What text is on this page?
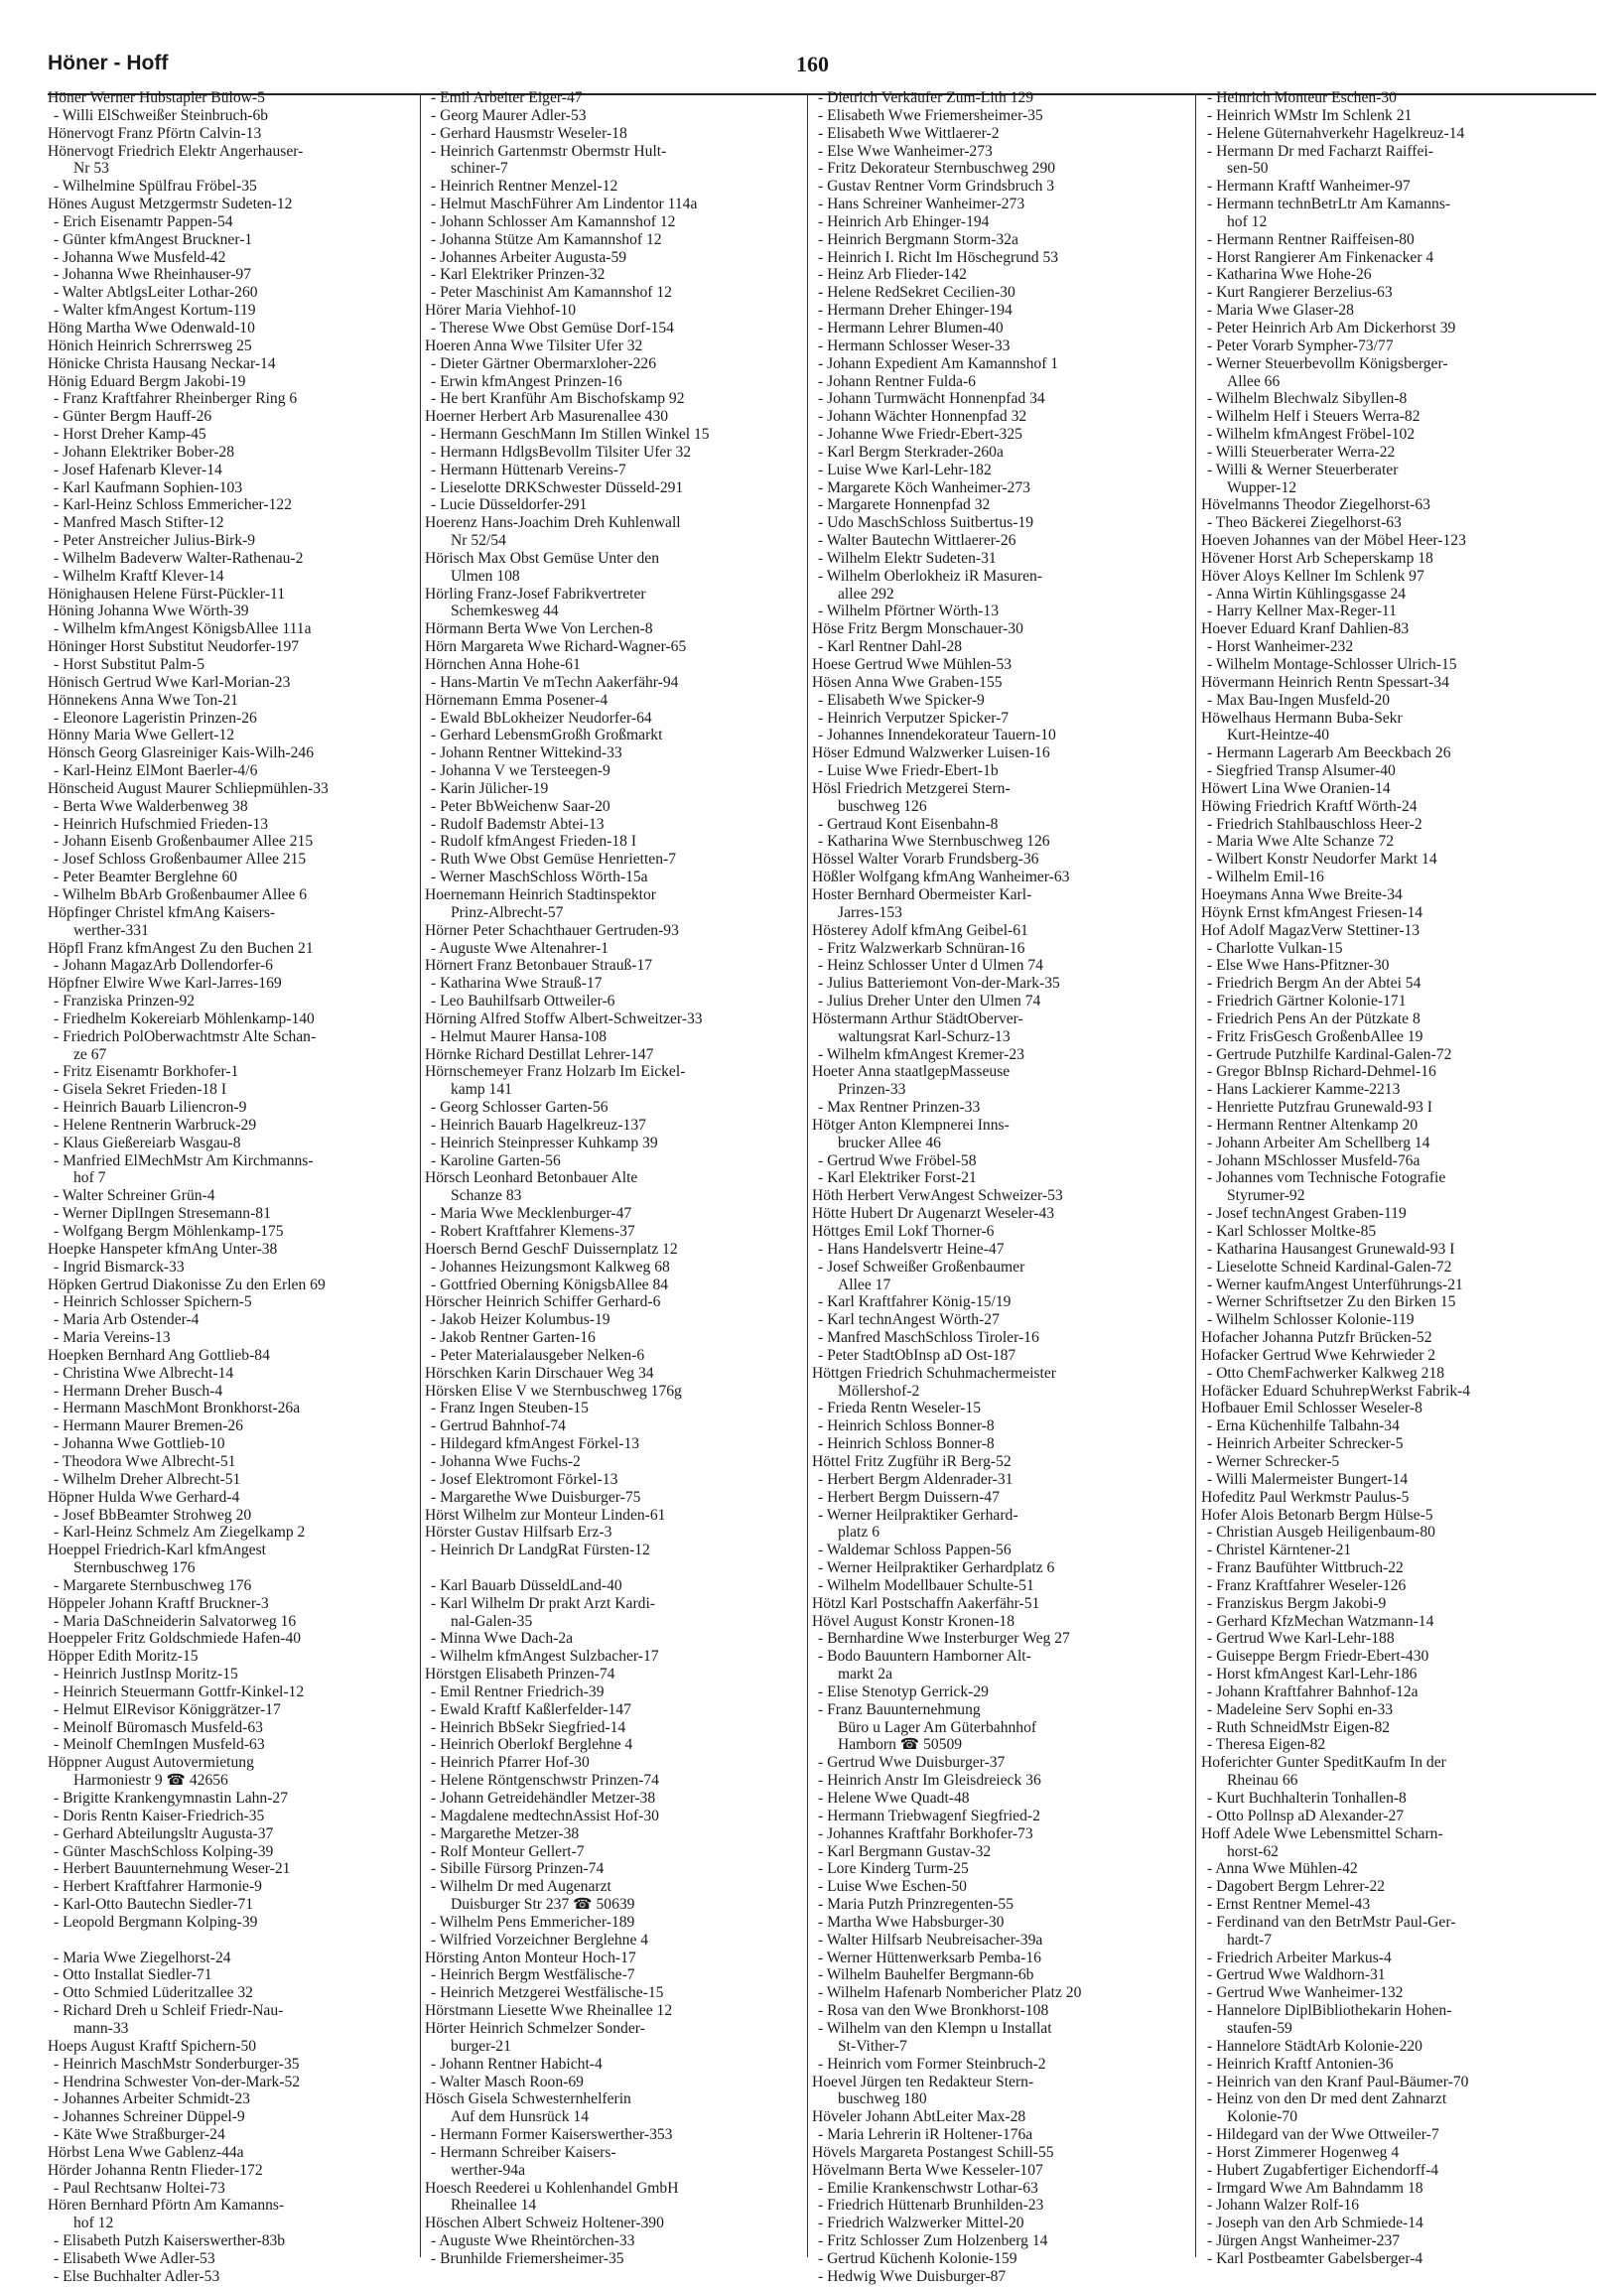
Höner - Hoff	160
Höner Werner Hubstapler Bülow-5
- Willi ElSchweißer Steinbruch-6b
Hönervogt Franz Pförtn Calvin-13
Hönervogt Friedrich Elektr Angerhauser-
Nr 53
- Wilhelmine Spülfrau Fröbel-35
Hönes August Metzgermstr Sudeten-12
- Erich Eisenamtr Pappen-54
- Günter kfmAngest Bruckner-1
- Johanna Wwe Musfeld-42
- Johanna Wwe Rheinhauser-97
- Walter AbtlgsLeiter Lothar-260
- Walter kfmAngest Kortum-119
Höng Martha Wwe Odenwald-10
Hönich Heinrich Schrerrsweg 25
Hönicke Christa Hausang Neckar-14
Hönig Eduard Bergm Jakobi-19
- Franz Kraftfahrer Rheinberger Ring 6
- Günter Bergm Hauff-26
- Horst Dreher Kamp-45
- Johann Elektriker Bober-28
- Josef Hafenarb Klever-14
- Karl Kaufmann Sophien-103
- Karl-Heinz Schloss Emmericher-122
- Manfred Masch Stifter-12
- Peter Anstreicher Julius-Birk-9
- Wilhelm Badeverw Walter-Rathenau-2
- Wilhelm Kraftf Klever-14
Hönighausen Helene Fürst-Pückler-11
Höning Johanna Wwe Wörth-39
- Wilhelm kfmAngest KönigsbAllee 111a
Höninger Horst Substitut Neudorfer-197
- Horst Substitut Palm-5
Hönisch Gertrud Wwe Karl-Morian-23
Hönnekens Anna Wwe Ton-21
- Eleonore Lageristin Prinzen-26
Hönny Maria Wwe Gellert-12
Hönsch Georg Glasreiniger Kais-Wilh-246
- Karl-Heinz ElMont Baerler-4/6
Hönscheid August Maurer Schliepmühlen-33
- Berta Wwe Walderbenweg 38
- Heinrich Hufschmied Frieden-13
- Johann Eisenb Großenbaumer Allee 215
- Josef Schloss Großenbaumer Allee 215
- Peter Beamter Berglehne 60
- Wilhelm BbArb Großenbaumer Allee 6
Höpfinger Christel kfmAng Kaisers-
werther-331
Höpfl Franz kfmAngest Zu den Buchen 21
- Johann MagazArb Dollendorfer-6
Höpfner Elwire Wwe Karl-Jarres-169
- Franziska Prinzen-92
- Friedhelm Kokereiarb Möhlenkamp-140
- Friedrich PolOberwachtmstr Alte Schan-
ze 67
- Fritz Eisenamtr Borkhofer-1
- Gisela Sekret Frieden-18 I
- Heinrich Bauarb Liliencron-9
- Helene Rentnerin Warbruck-29
- Klaus Gießereiarb Wasgau-8
- Manfried ElMechMstr Am Kirchmanns-
hof 7
- Walter Schreiner Grün-4
- Werner DiplIngen Stresemann-81
- Wolfgang Bergm Möhlenkamp-175
Hoepke Hanspeter kfmAng Unter-38
- Ingrid Bismarck-33
Höpken Gertrud Diakonisse Zu den Erlen 69
- Heinrich Schlosser Spichern-5
- Maria Arb Ostender-4
- Maria Vereins-13
Hoepken Bernhard Ang Gottlieb-84
- Christina Wwe Albrecht-14
- Hermann Dreher Busch-4
- Hermann MaschMont Bronkhorst-26a
- Hermann Maurer Bremen-26
- Johanna Wwe Gottlieb-10
- Theodora Wwe Albrecht-51
- Wilhelm Dreher Albrecht-51
Höpner Hulda Wwe Gerhard-4
- Josef BbBeamter Strohweg 20
- Karl-Heinz Schmelz Am Ziegelkamp 2
Hoeppel Friedrich-Karl kfmAngest
Sternbuschweg 176
- Margarete Sternbuschweg 176
Höppeler Johann Kraftf Bruckner-3
- Maria DaSchneiderin Salvatorweg 16
Hoeppeler Fritz Goldschmiede Hafen-40
Höpper Edith Moritz-15
- Heinrich JustInsp Moritz-15
- Heinrich Steuermann Gottfr-Kinkel-12
- Helmut ElRevisor Königgrätzer-17
- Meinolf Büromasch Musfeld-63
- Meinolf ChemIngen Musfeld-63
Höppner August Autovermietung
Harmoniestr 9 ☎ 42656
- Brigitte Krankengymnastin Lahn-27
- Doris Rentn Kaiser-Friedrich-35
- Gerhard Abteilungsltr Augusta-37
- Günter MaschSchloss Kolping-39
- Herbert Bauunternehmung Weser-21
- Herbert Kraftfahrer Harmonie-9
- Karl-Otto Bautechn Siedler-71
- Leopold Bergmann Kolping-39

- Maria Wwe Ziegelhorst-24
- Otto Installat Siedler-71
- Otto Schmied Lüderitzallee 32
- Richard Dreh u Schleif Friedr-Nau-
mann-33
Hoeps August Kraftf Spichern-50
- Heinrich MaschMstr Sonderburger-35
- Hendrina Schwester Von-der-Mark-52
- Johannes Arbeiter Schmidt-23
- Johannes Schreiner Düppel-9
- Käte Wwe Straßburger-24
Hörbst Lena Wwe Gablenz-44a
Hörder Johanna Rentn Flieder-172
- Paul Rechtsanw Holtei-73
Hören Bernhard Pförtn Am Kamanns-
hof 12
- Elisabeth Putzh Kaiserswerther-83b
- Elisabeth Wwe Adler-53
- Else Buchhalter Adler-53
- Emil Arbeiter Eiger-47
- Georg Maurer Adler-53
- Gerhard Hausmstr Weseler-18
- Heinrich Gartenmstr Obermstr Hult-
schiner-7
- Heinrich Rentner Menzel-12
- Helmut MaschFührer Am Lindentor 114a
- Johann Schlosser Am Kamannshof 12
- Johanna Stütze Am Kamannshof 12
- Johannes Arbeiter Augusta-59
- Karl Elektriker Prinzen-32
- Peter Maschinist Am Kamannshof 12
Hörer Maria Viehhof-10
- Therese Wwe Obst Gemüse Dorf-154
Hoeren Anna Wwe Tilsiter Ufer 32
- Dieter Gärtner Obermarxloher-226
- Erwin kfmAngest Prinzen-16
- He bert Kranführ Am Bischofskamp 92
Hoerner Herbert Arb Masurenallee 430
- Hermann GeschMann Im Stillen Winkel 15
- Hermann HdlgsBevollm Tilsiter Ufer 32
- Hermann Hüttenarb Vereins-7
- Lieselotte DRKSchwester Düsseld-291
- Lucie Düsseldorfer-291
Hoerenz Hans-Joachim Dreh Kuhlenwall
Nr 52/54
Hörisch Max Obst Gemüse Unter den
Ulmen 108
Hörling Franz-Josef Fabrikvertreter
Schemkesweg 44
Hörmann Berta Wwe Von Lerchen-8
Hörn Margareta Wwe Richard-Wagner-65
Hörnchen Anna Hohe-61
- Hans-Martin Ve mTechn Aakerfähr-94
Hörnemann Emma Posener-4
- Ewald BbLokheizer Neudorfer-64
- Gerhard LebensmGroßh Großmarkt
- Johann Rentner Wittekind-33
- Johanna V we Tersteegen-9
- Karin Jülicher-19
- Peter BbWeichenw Saar-20
- Rudolf Bademstr Abtei-13
- Rudolf kfmAngest Frieden-18 I
- Ruth Wwe Obst Gemüse Henrietten-7
- Werner MaschSchloss Wörth-15a
Hoernemann Heinrich Stadtinspektor
Prinz-Albrecht-57
Hörner Peter Schachthauer Gertruden-93
- Auguste Wwe Altenahrer-1
Hörnert Franz Betonbauer Strauß-17
- Katharina Wwe Strauß-17
- Leo Bauhilfsarb Ottweiler-6
Hörning Alfred Stoffw Albert-Schweitzer-33
- Helmut Maurer Hansa-108
Hörnke Richard Destillat Lehrer-147
Hörnschemeyer Franz Holzarb Im Eickel-
kamp 141
- Georg Schlosser Garten-56
- Heinrich Bauarb Hagelkreuz-137
- Heinrich Steinpresser Kuhkamp 39
- Karoline Garten-56
Hörsch Leonhard Betonbauer Alte
Schanze 83
- Maria Wwe Mecklenburger-47
- Robert Kraftfahrer Klemens-37
Hoersch Bernd GeschF Duissernplatz 12
- Johannes Heizungsmont Kalkweg 68
- Gottfried Oberning KönigsbAllee 84
Hörscher Heinrich Schiffer Gerhard-6
- Jakob Heizer Kolumbus-19
- Jakob Rentner Garten-16
- Peter Materialausgeber Nelken-6
Hörschken Karin Dirschauer Weg 34
Hörsken Elise V we Sternbuschweg 176g
- Franz Ingen Steuben-15
- Gertrud Bahnhof-74
- Hildegard kfmAngest Förkel-13
- Johanna Wwe Fuchs-2
- Josef Elektromont Förkel-13
- Margarethe Wwe Duisburger-75
Hörst Wilhelm zur Monteur Linden-61
Hörster Gustav Hilfsarb Erz-3
- Heinrich Dr LandgRat Fürsten-12

- Karl Bauarb DüsseldLand-40
- Karl Wilhelm Dr prakt Arzt Kardi-
nal-Galen-35
- Minna Wwe Dach-2a
- Wilhelm kfmAngest Sulzbacher-17
Hörstgen Elisabeth Prinzen-74
- Emil Rentner Friedrich-39
- Ewald Kraftf Kaßlerfelder-147
- Heinrich BbSekr Siegfried-14
- Heinrich Oberlokf Berglehne 4
- Heinrich Pfarrer Hof-30
- Helene Röntgenschwstr Prinzen-74
- Johann Getreidehändler Metzer-38
- Magdalene medtechnAssist Hof-30
- Margarethe Metzer-38
- Rolf Monteur Gellert-7
- Sibille Fürsorg Prinzen-74
- Wilhelm Dr med Augenarzt
Duisburger Str 237 ☎ 50639
- Wilhelm Pens Emmericher-189
- Wilfried Vorzeichner Berglehne 4
Hörsting Anton Monteur Hoch-17
- Heinrich Bergm Westfälische-7
- Heinrich Metzgerei Westfälische-15
Hörstmann Liesette Wwe Rheinallee 12
Hörter Heinrich Schmelzer Sonder-
burger-21
- Johann Rentner Habicht-4
- Walter Masch Roon-69
Hösch Gisela Schwesternhelferin
Auf dem Hunsrück 14
- Hermann Former Kaiserswerther-353
- Hermann Schreiber Kaisers-
werther-94a
Hoesch Reederei u Kohlenhandel GmbH
Rheinallee 14
Höschen Albert Schweiz Holtener-390
- Auguste Wwe Rheintörchen-33
- Brunhilde Friemersheimer-35
- Dietrich Verkäufer Zum-Lith 129
- Elisabeth Wwe Friemersheimer-35
- Elisabeth Wwe Wittlaerer-2
- Else Wwe Wanheimer-273
- Fritz Dekorateur Sternbuschweg 290
- Gustav Rentner Vorm Grindsbruch 3
- Hans Schreiner Wanheimer-273
- Heinrich Arb Ehinger-194
- Heinrich Bergmann Storm-32a
- Heinrich I. Richt Im Höschegrund 53
- Heinz Arb Flieder-142
- Helene RedSekret Cecilien-30
- Hermann Dreher Ehinger-194
- Hermann Lehrer Blumen-40
- Hermann Schlosser Weser-33
- Johann Expedient Am Kamannshof 1
- Johann Rentner Fulda-6
- Johann Turmwächt Honnenpfad 34
- Johann Wächter Honnenpfad 32
- Johanne Wwe Friedr-Ebert-325
- Karl Bergm Sterkrader-260a
- Luise Wwe Karl-Lehr-182
- Margarete Köch Wanheimer-273
- Margarete Honnenpfad 32
- Udo MaschSchloss Suitbertus-19
- Walter Bautechn Wittlaerer-26
- Wilhelm Elektr Sudeten-31
- Wilhelm Oberlokheiz iR Masuren-
allee 292
- Wilhelm Pförtner Wörth-13
Höse Fritz Bergm Monschauer-30
- Karl Rentner Dahl-28
Hoese Gertrud Wwe Mühlen-53
Hösen Anna Wwe Graben-155
- Elisabeth Wwe Spicker-9
- Heinrich Verputzer Spicker-7
- Johannes Innendekorateur Tauern-10
Höser Edmund Walzwerker Luisen-16
- Luise Wwe Friedr-Ebert-1b
Hösl Friedrich Metzgerei Stern-
buschweg 126
- Gertraud Kont Eisenbahn-8
- Katharina Wwe Sternbuschweg 126
Hössel Walter Vorarb Frundsberg-36
Hößler Wolfgang kfmAng Wanheimer-63
Hoster Bernhard Obermeister Karl-
Jarres-153
Hösterey Adolf kfmAng Geibel-61
- Fritz Walzwerkarb Schnüran-16
- Heinz Schlosser Unter d Ulmen 74
- Julius Batteriemont Von-der-Mark-35
- Julius Dreher Unter den Ulmen 74
Höstermann Arthur StädtOberver-
waltungsrat Karl-Schurz-13
- Wilhelm kfmAngest Kremer-23
Hoeter Anna staatlgepMasseuse
Prinzen-33
- Max Rentner Prinzen-33
Hötger Anton Klempnerei Inns-
brucker Allee 46
- Gertrud Wwe Fröbel-58
- Karl Elektriker Forst-21
Höth Herbert VerwAngest Schweizer-53
Hötte Hubert Dr Augenarzt Weseler-43
Höttges Emil Lokf Thorner-6
- Hans Handelsvertr Heine-47
- Josef Schweißer Großenbaumer
Allee 17
- Karl Kraftfahrer König-15/19
- Karl technAngest Wörth-27
- Manfred MaschSchloss Tiroler-16
- Peter StadtObInsp aD Ost-187
Höttgen Friedrich Schuhmachermeister
Möllershof-2
- Frieda Rentn Weseler-15
- Heinrich Schloss Bonner-8
- Heinrich Schloss Bonner-8
Höttel Fritz Zugführ iR Berg-52
- Herbert Bergm Aldenrader-31
- Herbert Bergm Duissern-47
- Werner Heilpraktiker Gerhard-
platz 6
- Waldemar Schloss Pappen-56
- Werner Heilpraktiker Gerhardplatz 6
- Wilhelm Modellbauer Schulte-51
Hötzl Karl Postschaffn Aakerfähr-51
Hövel August Konstr Kronen-18
- Bernhardine Wwe Insterburger Weg 27
- Bodo Bauuntern Hamborner Alt-
markt 2a
- Elise Stenotyp Gerrick-29
- Franz Bauunternehmung
Büro u Lager Am Güterbahnhof
Hamborn ☎ 50509
- Gertrud Wwe Duisburger-37
- Heinrich Anstr Im Gleisdreieck 36
- Helene Wwe Quadt-48
- Hermann Triebwagenf Siegfried-2
- Johannes Kraftfahr Borkhofer-73
- Karl Bergmann Gustav-32
- Lore Kinderg Turm-25
- Luise Wwe Eschen-50
- Maria Putzh Prinzregenten-55
- Martha Wwe Habsburger-30
- Walter Hilfsarb Neubreisacher-39a
- Werner Hüttenwerksarb Pemba-16
- Wilhelm Bauhelfer Bergmann-6b
- Wilhelm Hafenarb Nombericher Platz 20
- Rosa van den Wwe Bronkhorst-108
- Wilhelm van den Klempn u Installat
St-Vither-7
- Heinrich vom Former Steinbruch-2
Hoevel Jürgen ten Redakteur Stern-
buschweg 180
Höveler Johann AbtLeiter Max-28
- Maria Lehrerin iR Holtener-176a
Hövels Margareta Postangest Schill-55
Hövelmann Berta Wwe Kesseler-107
- Emilie Krankenschwstr Lothar-63
- Friedrich Hüttenarb Brunhilden-23
- Friedrich Walzwerker Mittel-20
- Fritz Schlosser Zum Holzenberg 14
- Gertrud Küchenh Kolonie-159
- Hedwig Wwe Duisburger-87
- Heinrich Monteur Eschen-30
- Heinrich WMstr Im Schlenk 21
- Helene Güternahverkehr Hagelkreuz-14
- Hermann Dr med Facharzt Raiffei-
sen-50
- Hermann Kraftf Wanheimer-97
- Hermann technBetrLtr Am Kamanns-
hof 12
- Hermann Rentner Raiffeisen-80
- Horst Rangierer Am Finkenacker 4
- Katharina Wwe Hohe-26
- Kurt Rangierer Berzelius-63
- Maria Wwe Glaser-28
- Peter Heinrich Arb Am Dickerhorst 39
- Peter Vorarb Sympher-73/77
- Werner Steuerbevollm Königsberger-
Allee 66
- Wilhelm Blechwalz Sibyllen-8
- Wilhelm Helf i Steuers Werra-82
- Wilhelm kfmAngest Fröbel-102
- Willi Steuerberater Werra-22
- Willi & Werner Steuerberater
Wupper-12
Hövelmanns Theodor Ziegelhorst-63
- Theo Bäckerei Ziegelhorst-63
Hoeven Johannes van der Möbel Heer-123
Hövener Horst Arb Scheperskamp 18
Höver Aloys Kellner Im Schlenk 97
- Anna Wirtin Kühlingsgasse 24
- Harry Kellner Max-Reger-11
Hoever Eduard Kranf Dahlien-83
- Horst Wanheimer-232
- Wilhelm Montage-Schlosser Ulrich-15
Hövermann Heinrich Rentn Spessart-34
- Max Bau-Ingen Musfeld-20
Höwelhaus Hermann Buba-Sekr
Kurt-Heintze-40
- Hermann Lagerarb Am Beeckbach 26
- Siegfried Transp Alsumer-40
Höwert Lina Wwe Oranien-14
Höwing Friedrich Kraftf Wörth-24
- Friedrich Stahlbauschloss Heer-2
- Maria Wwe Alte Schanze 72
- Wilbert Konstr Neudorfer Markt 14
- Wilhelm Emil-16
Hoeymans Anna Wwe Breite-34
Höynk Ernst kfmAngest Friesen-14
Hof Adolf MagazVerw Stettiner-13
- Charlotte Vulkan-15
- Else Wwe Hans-Pfitzner-30
- Friedrich Bergm An der Abtei 54
- Friedrich Gärtner Kolonie-171
- Friedrich Pens An der Pützkate 8
- Fritz FrisGesch GroßenbAllee 19
- Gertrude Putzhilfe Kardinal-Galen-72
- Gregor BbInsp Richard-Dehmel-16
- Hans Lackierer Kamme-2213
- Henriette Putzfrau Grunewald-93 I
- Hermann Rentner Altenkamp 20
- Johann Arbeiter Am Schellberg 14
- Johann MSchlosser Musfeld-76a
- Johannes vom Technische Fotografie
Styrumer-92
- Josef technAngest Graben-119
- Karl Schlosser Moltke-85
- Katharina Hausangest Grunewald-93 I
- Lieselotte Schneid Kardinal-Galen-72
- Werner kaufmAngest Unterführungs-21
- Werner Schriftsetzer Zu den Birken 15
- Wilhelm Schlosser Kolonie-119
Hofacher Johanna Putzfr Brücken-52
Hofacker Gertrud Wwe Kehrwieder 2
- Otto ChemFachwerker Kalkweg 218
Hofäcker Eduard SchuhrepWerkst Fabrik-4
Hofbauer Emil Schlosser Weseler-8
- Erna Küchenhilfe Talbahn-34
- Heinrich Arbeiter Schrecker-5
- Werner Schrecker-5
- Willi Malermeister Bungert-14
Hofeditz Paul Werkmstr Paulus-5
Hofer Alois Betonarb Bergm Hülse-5
- Christian Ausgeb Heiligenbaum-80
- Christel Kärntener-21
- Franz Baufühter Wittbruch-22
- Franz Kraftfahrer Weseler-126
- Franziskus Bergm Jakobi-9
- Gerhard KfzMechan Watzmann-14
- Gertrud Wwe Karl-Lehr-188
- Guiseppe Bergm Friedr-Ebert-430
- Horst kfmAngest Karl-Lehr-186
- Johann Kraftfahrer Bahnhof-12a
- Madeleine Serv Sophi en-33
- Ruth SchneidMstr Eigen-82
- Theresa Eigen-82
Hoferichter Gunter SpeditKaufm In der
Rheinau 66
- Kurt Buchhalterin Tonhallen-8
- Otto Pollnsp aD Alexander-27
Hoff Adele Wwe Lebensmittel Scharn-
horst-62
- Anna Wwe Mühlen-42
- Dagobert Bergm Lehrer-22
- Ernst Rentner Memel-43
- Ferdinand van den BetrMstr Paul-Ger-
hardt-7
- Friedrich Arbeiter Markus-4
- Gertrud Wwe Waldhorn-31
- Gertrud Wwe Wanheimer-132
- Hannelore DiplBibliothekarin Hohen-
staufen-59
- Hannelore StädtArb Kolonie-220
- Heinrich Kraftf Antonien-36
- Heinrich van den Kranf Paul-Bäumer-70
- Heinz von den Dr med dent Zahnarzt
Kolonie-70
- Hildegard van der Wwe Ottweiler-7
- Horst Zimmerer Hogenweg 4
- Hubert Zugabfertiger Eichendorff-4
- Irmgard Wwe Am Bahndamm 18
- Johann Walzer Rolf-16
- Joseph van den Arb Schmiede-14
- Jürgen Angst Wanheimer-237
- Karl Postbeamter Gabelsberger-4
